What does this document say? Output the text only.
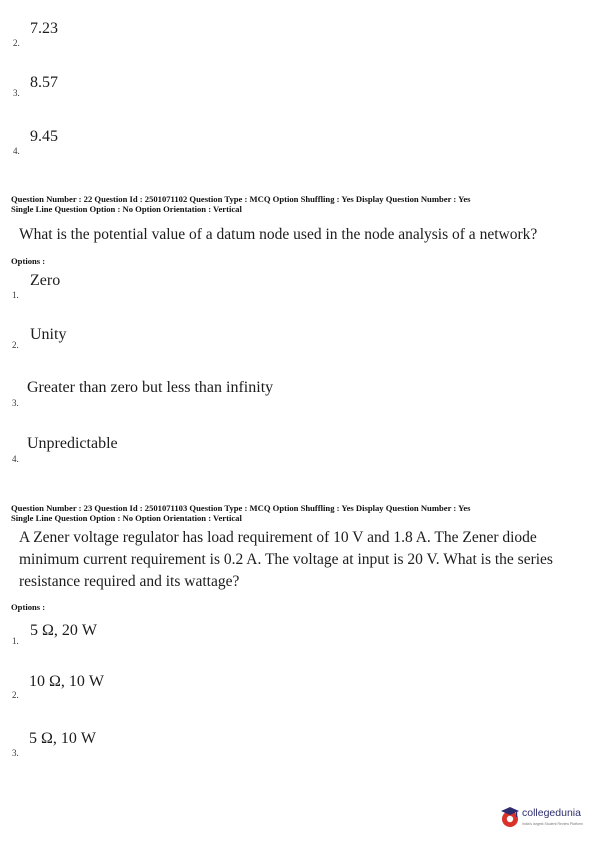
7.23
2.
8.57
3.
9.45
4.
Question Number : 22 Question Id : 2501071102 Question Type : MCQ Option Shuffling : Yes Display Question Number : Yes
Single Line Question Option : No Option Orientation : Vertical
What is the potential value of a datum node used in the node analysis of a network?
Options :
Zero
1.
Unity
2.
Greater than zero but less than infinity
3.
Unpredictable
4.
Question Number : 23 Question Id : 2501071103 Question Type : MCQ Option Shuffling : Yes Display Question Number : Yes
Single Line Question Option : No Option Orientation : Vertical
A Zener voltage regulator has load requirement of 10 V and 1.8 A. The Zener diode minimum current requirement is 0.2 A. The voltage at input is 20 V. What is the series resistance required and its wattage?
Options :
5 Ω, 20 W
1.
10 Ω, 10 W
2.
5 Ω, 10 W
3.
collegedunia
India's largest Student Review Platform
